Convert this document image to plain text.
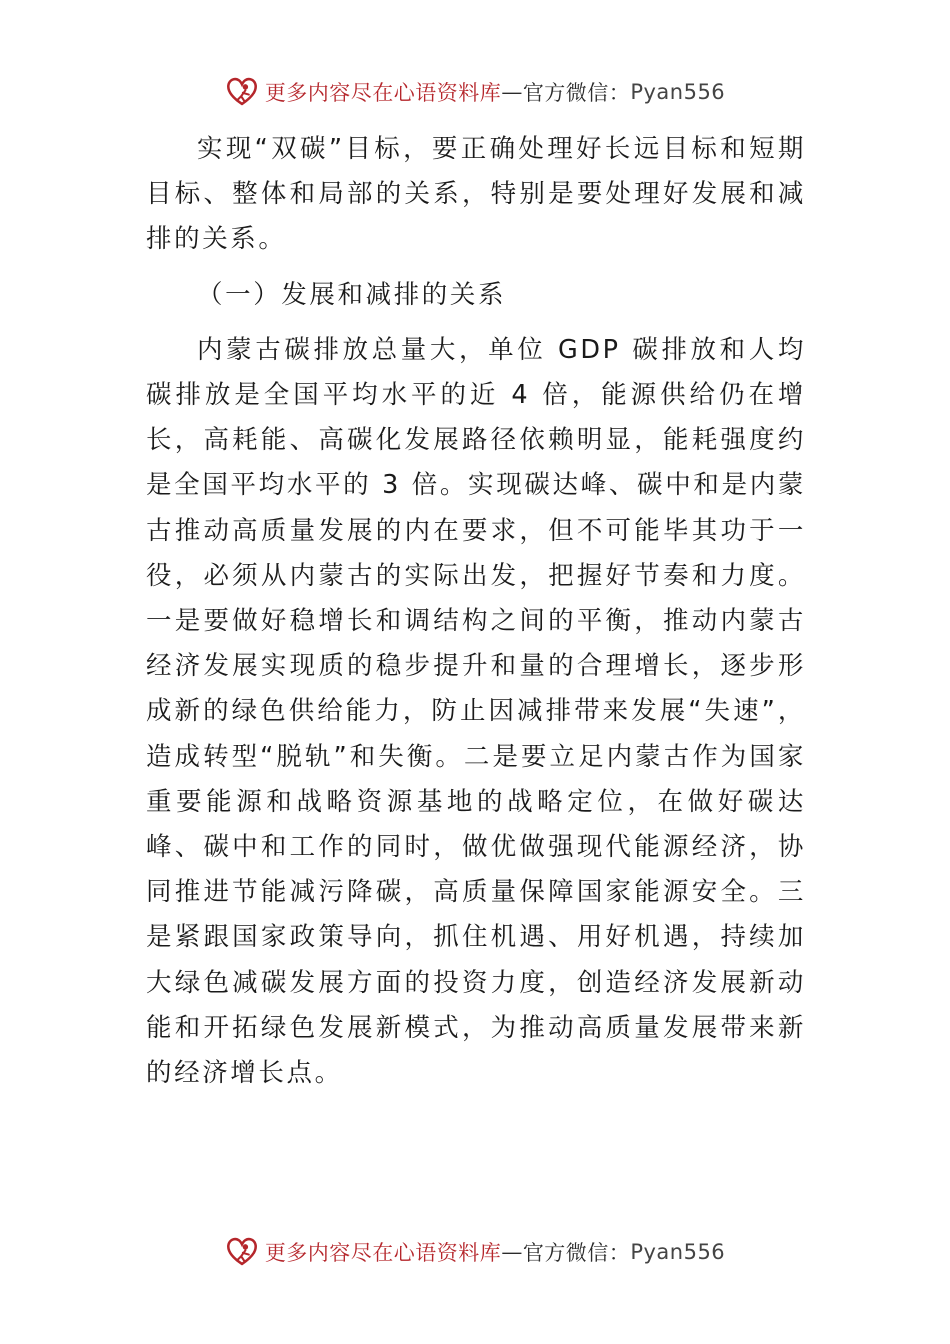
更多内容尽在心语资料库 — 官方微信： Pyan556

实现“双碳”目标，要正确处理好长远目标和短期目标、整体和局部的关系，特别是要处理好发展和减排的关系。

（一）发展和减排的关系

内蒙古碳排放总量大，单位 GDP 碳排放和人均碳排放是全国平均水平的近 4 倍，能源供给仍在增长，高耗能、高碳化发展路径依赖明显，能耗强度约是全国平均水平的 3 倍。实现碳达峰、碳中和是内蒙古推动高质量发展的内在要求，但不可能毕其功于一役，必须从内蒙古的实际出发，把握好节奏和力度。一是要做好稳增长和调结构之间的平衡，推动内蒙古经济发展实现质的稳步提升和量的合理增长，逐步形成新的绿色供给能力，防止因减排带来发展“失速”，造成转型“脱轨”和失衡。二是要立足内蒙古作为国家重要能源和战略资源基地的战略定位，在做好碳达峰、碳中和工作的同时，做优做强现代能源经济，协同推进节能减污降碳，高质量保障国家能源安全。三是紧跟国家政策导向，抓住机遇、用好机遇，持续加大绿色减碳发展方面的投资力度，创造经济发展新动能和开拓绿色发展新模式，为推动高质量发展带来新的经济增长点。

更多内容尽在心语资料库 — 官方微信： Pyan556
